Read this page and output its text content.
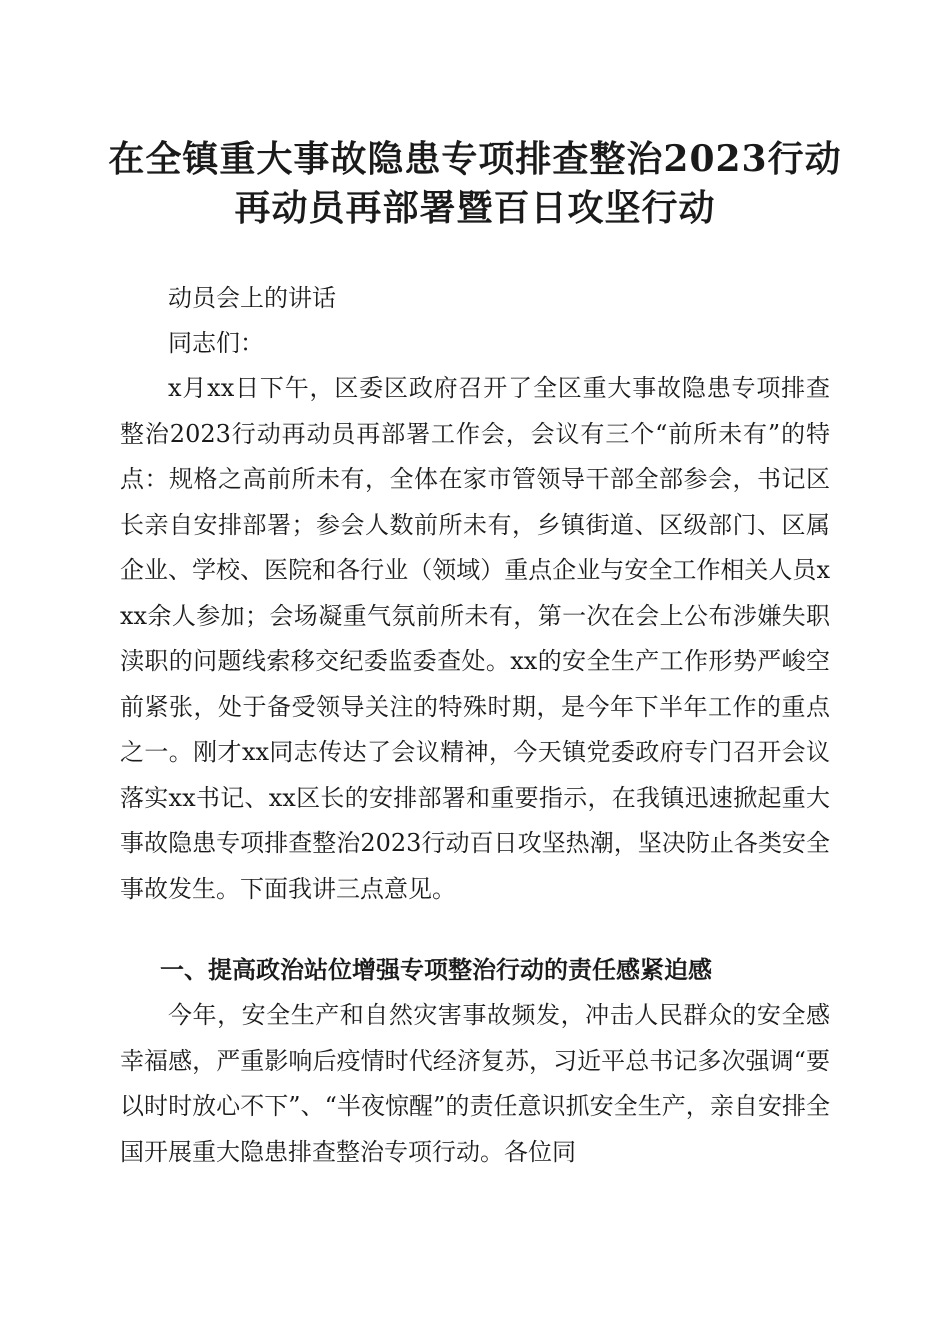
在全镇重大事故隐患专项排查整治2023行动
再动员再部署暨百日攻坚行动
动员会上的讲话
同志们：
x月xx日下午，区委区政府召开了全区重大事故隐患专项排查整治2023行动再动员再部署工作会，会议有三个“前所未有”的特点：规格之高前所未有，全体在家市管领导干部全部参会，书记区长亲自安排部署；参会人数前所未有，乡镇街道、区级部门、区属企业、学校、医院和各行业（领域）重点企业与安全工作相关人员xxx余人参加；会场凝重气氛前所未有，第一次在会上公布涉嫌失职渎职的问题线索移交纪委监委查处。xx的安全生产工作形势严峻空前紧张，处于备受领导关注的特殊时期，是今年下半年工作的重点之一。刚才xx同志传达了会议精神，今天镇党委政府专门召开会议落实xx书记、xx区长的安排部署和重要指示，在我镇迅速掀起重大事故隐患专项排查整治2023行动百日攻坚热潮，坚决防止各类安全事故发生。下面我讲三点意见。
一、提高政治站位增强专项整治行动的责任感紧迫感
今年，安全生产和自然灾害事故频发，冲击人民群众的安全感幸福感，严重影响后疫情时代经济复苏，习近平总书记多次强调“要以时时放心不下”、“半夜惊醒”的责任意识抓安全生产，亲自安排全国开展重大隐患排查整治专项行动。各位同
